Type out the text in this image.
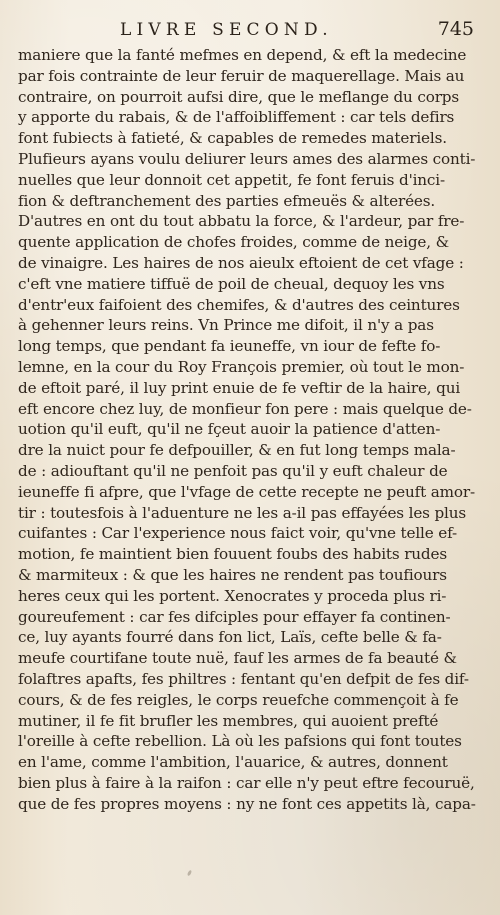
LIVRE SECOND.	745
maniere que la fanté mefmes en depend, & eft la medecine
par fois contrainte de leur feruir de maquerellage. Mais au
contraire, on pourroit aufsi dire, que le meflange du corps
y apporte du rabais, & de l'affoibliffement : car tels defirs
font fubiects à fatieté, & capables de remedes materiels.
Plufieurs ayans voulu deliurer leurs ames des alarmes conti-
nuelles que leur donnoit cet appetit, fe font feruis d'inci-
fion & deftranchement des parties efmeuës & alterées.
D'autres en ont du tout abbatu la force, & l'ardeur, par fre-
quente application de chofes froides, comme de neige, &
de vinaigre. Les haires de nos aieulx eftoient de cet vfage :
c'eft vne matiere tiffuë de poil de cheual, dequoy les vns
d'entr'eux faifoient des chemifes, & d'autres des ceintures
à gehenner leurs reins. Vn Prince me difoit, il n'y a pas
long temps, que pendant fa ieuneffe, vn iour de fefte fo-
lemne, en la cour du Roy François premier, où tout le mon-
de eftoit paré, il luy print enuie de fe veftir de la haire, qui
eft encore chez luy, de monfieur fon pere : mais quelque de-
uotion qu'il euft, qu'il ne fçeut auoir la patience d'atten-
dre la nuict pour fe defpouiller, & en fut long temps mala-
de : adiouftant qu'il ne penfoit pas qu'il y euft chaleur de
ieuneffe fi afpre, que l'vfage de cette recepte ne peuft amor-
tir : toutesfois à l'aduenture ne les a-il pas effayées les plus
cuifantes : Car l'experience nous faict voir, qu'vne telle ef-
motion, fe maintient bien fouuent foubs des habits rudes
& marmiteux : & que les haires ne rendent pas toufiours
heres ceux qui les portent. Xenocrates y proceda plus ri-
goureufement : car fes difciples pour effayer fa continen-
ce, luy ayants fourré dans fon lict, Laïs, cefte belle & fa-
meufe courtifane toute nuë, fauf les armes de fa beauté &
folaftres apafts, fes philtres : fentant qu'en defpit de fes dif-
cours, & de fes reigles, le corps reuefche commençoit à fe
mutiner, il fe fit brufler les membres, qui auoient prefté
l'oreille à cefte rebellion. Là où les pafsions qui font toutes
en l'ame, comme l'ambition, l'auarice, & autres, donnent
bien plus à faire à la raifon : car elle n'y peut eftre fecouruë,
que de fes propres moyens : ny ne font ces appetits là, capa-
